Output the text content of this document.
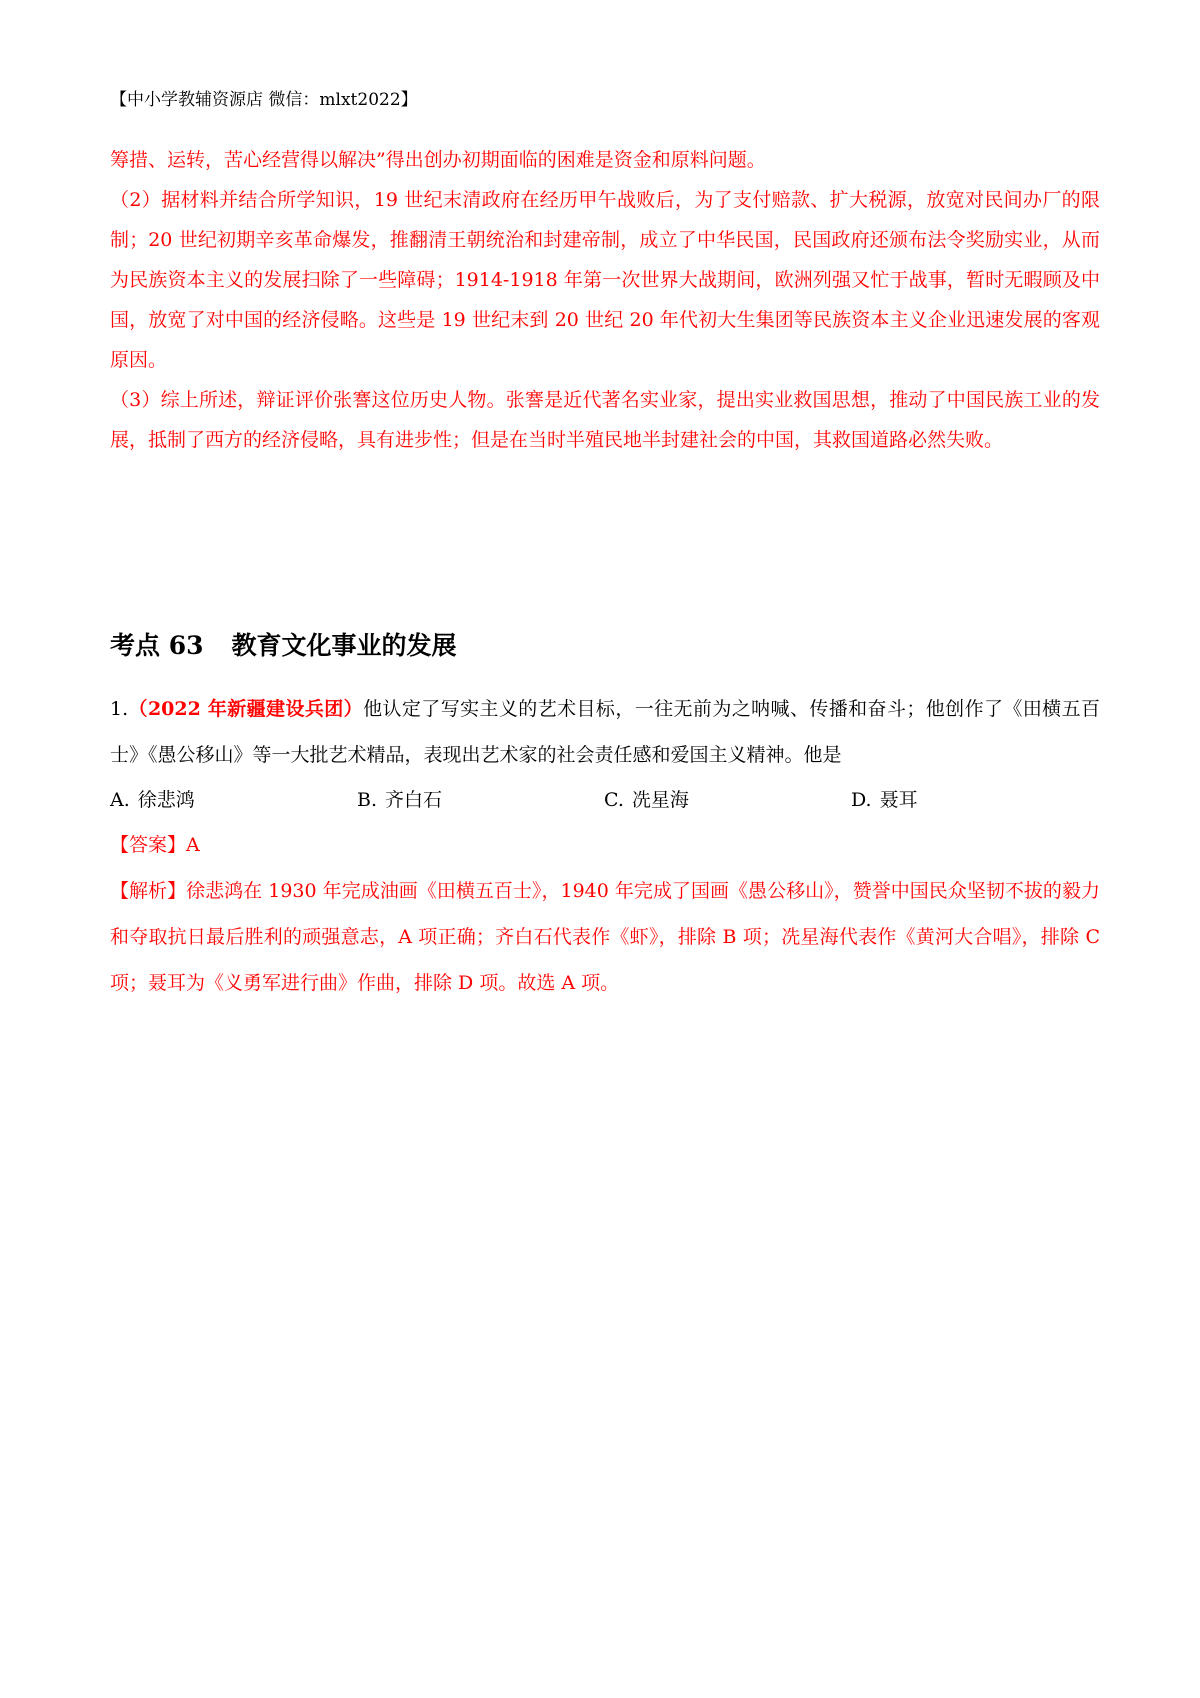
【中小学教辅资源店 微信：mlxt2022】

筹措、运转，苦心经营得以解决”得出创办初期面临的困难是资金和原料问题。

（2）据材料并结合所学知识，19 世纪末清政府在经历甲午战败后，为了支付赔款、扩大税源，放宽对民间办厂的限制；20 世纪初期辛亥革命爆发，推翻清王朝统治和封建帝制，成立了中华民国，民国政府还颁布法令奖励实业，从而为民族资本主义的发展扫除了一些障碍；1914-1918 年第一次世界大战期间，欧洲列强又忙于战事，暂时无暇顾及中国，放宽了对中国的经济侵略。这些是 19 世纪末到 20 世纪 20 年代初大生集团等民族资本主义企业迅速发展的客观原因。

（3）综上所述，辩证评价张謇这位历史人物。张謇是近代著名实业家，提出实业救国思想，推动了中国民族工业的发展，抵制了西方的经济侵略，具有进步性；但是在当时半殖民地半封建社会的中国，其救国道路必然失败。

考点 63 教育文化事业的发展
1.（2022 年新疆建设兵团）他认定了写实主义的艺术目标，一往无前为之呐喊、传播和奋斗；他创作了《田横五百士》《愚公移山》等一大批艺术精品，表现出艺术家的社会责任感和爱国主义精神。他是
A. 徐悲鸿	B. 齐白石	C. 冼星海	D. 聂耳
【答案】A
【解析】徐悲鸿在 1930 年完成油画《田横五百士》，1940 年完成了国画《愚公移山》，赞誉中国民众坚韧不拔的毅力和夺取抗日最后胜利的顽强意志，A 项正确；齐白石代表作《虾》，排除 B 项；冼星海代表作《黄河大合唱》，排除 C 项；聂耳为《义勇军进行曲》作曲，排除 D 项。故选 A 项。
